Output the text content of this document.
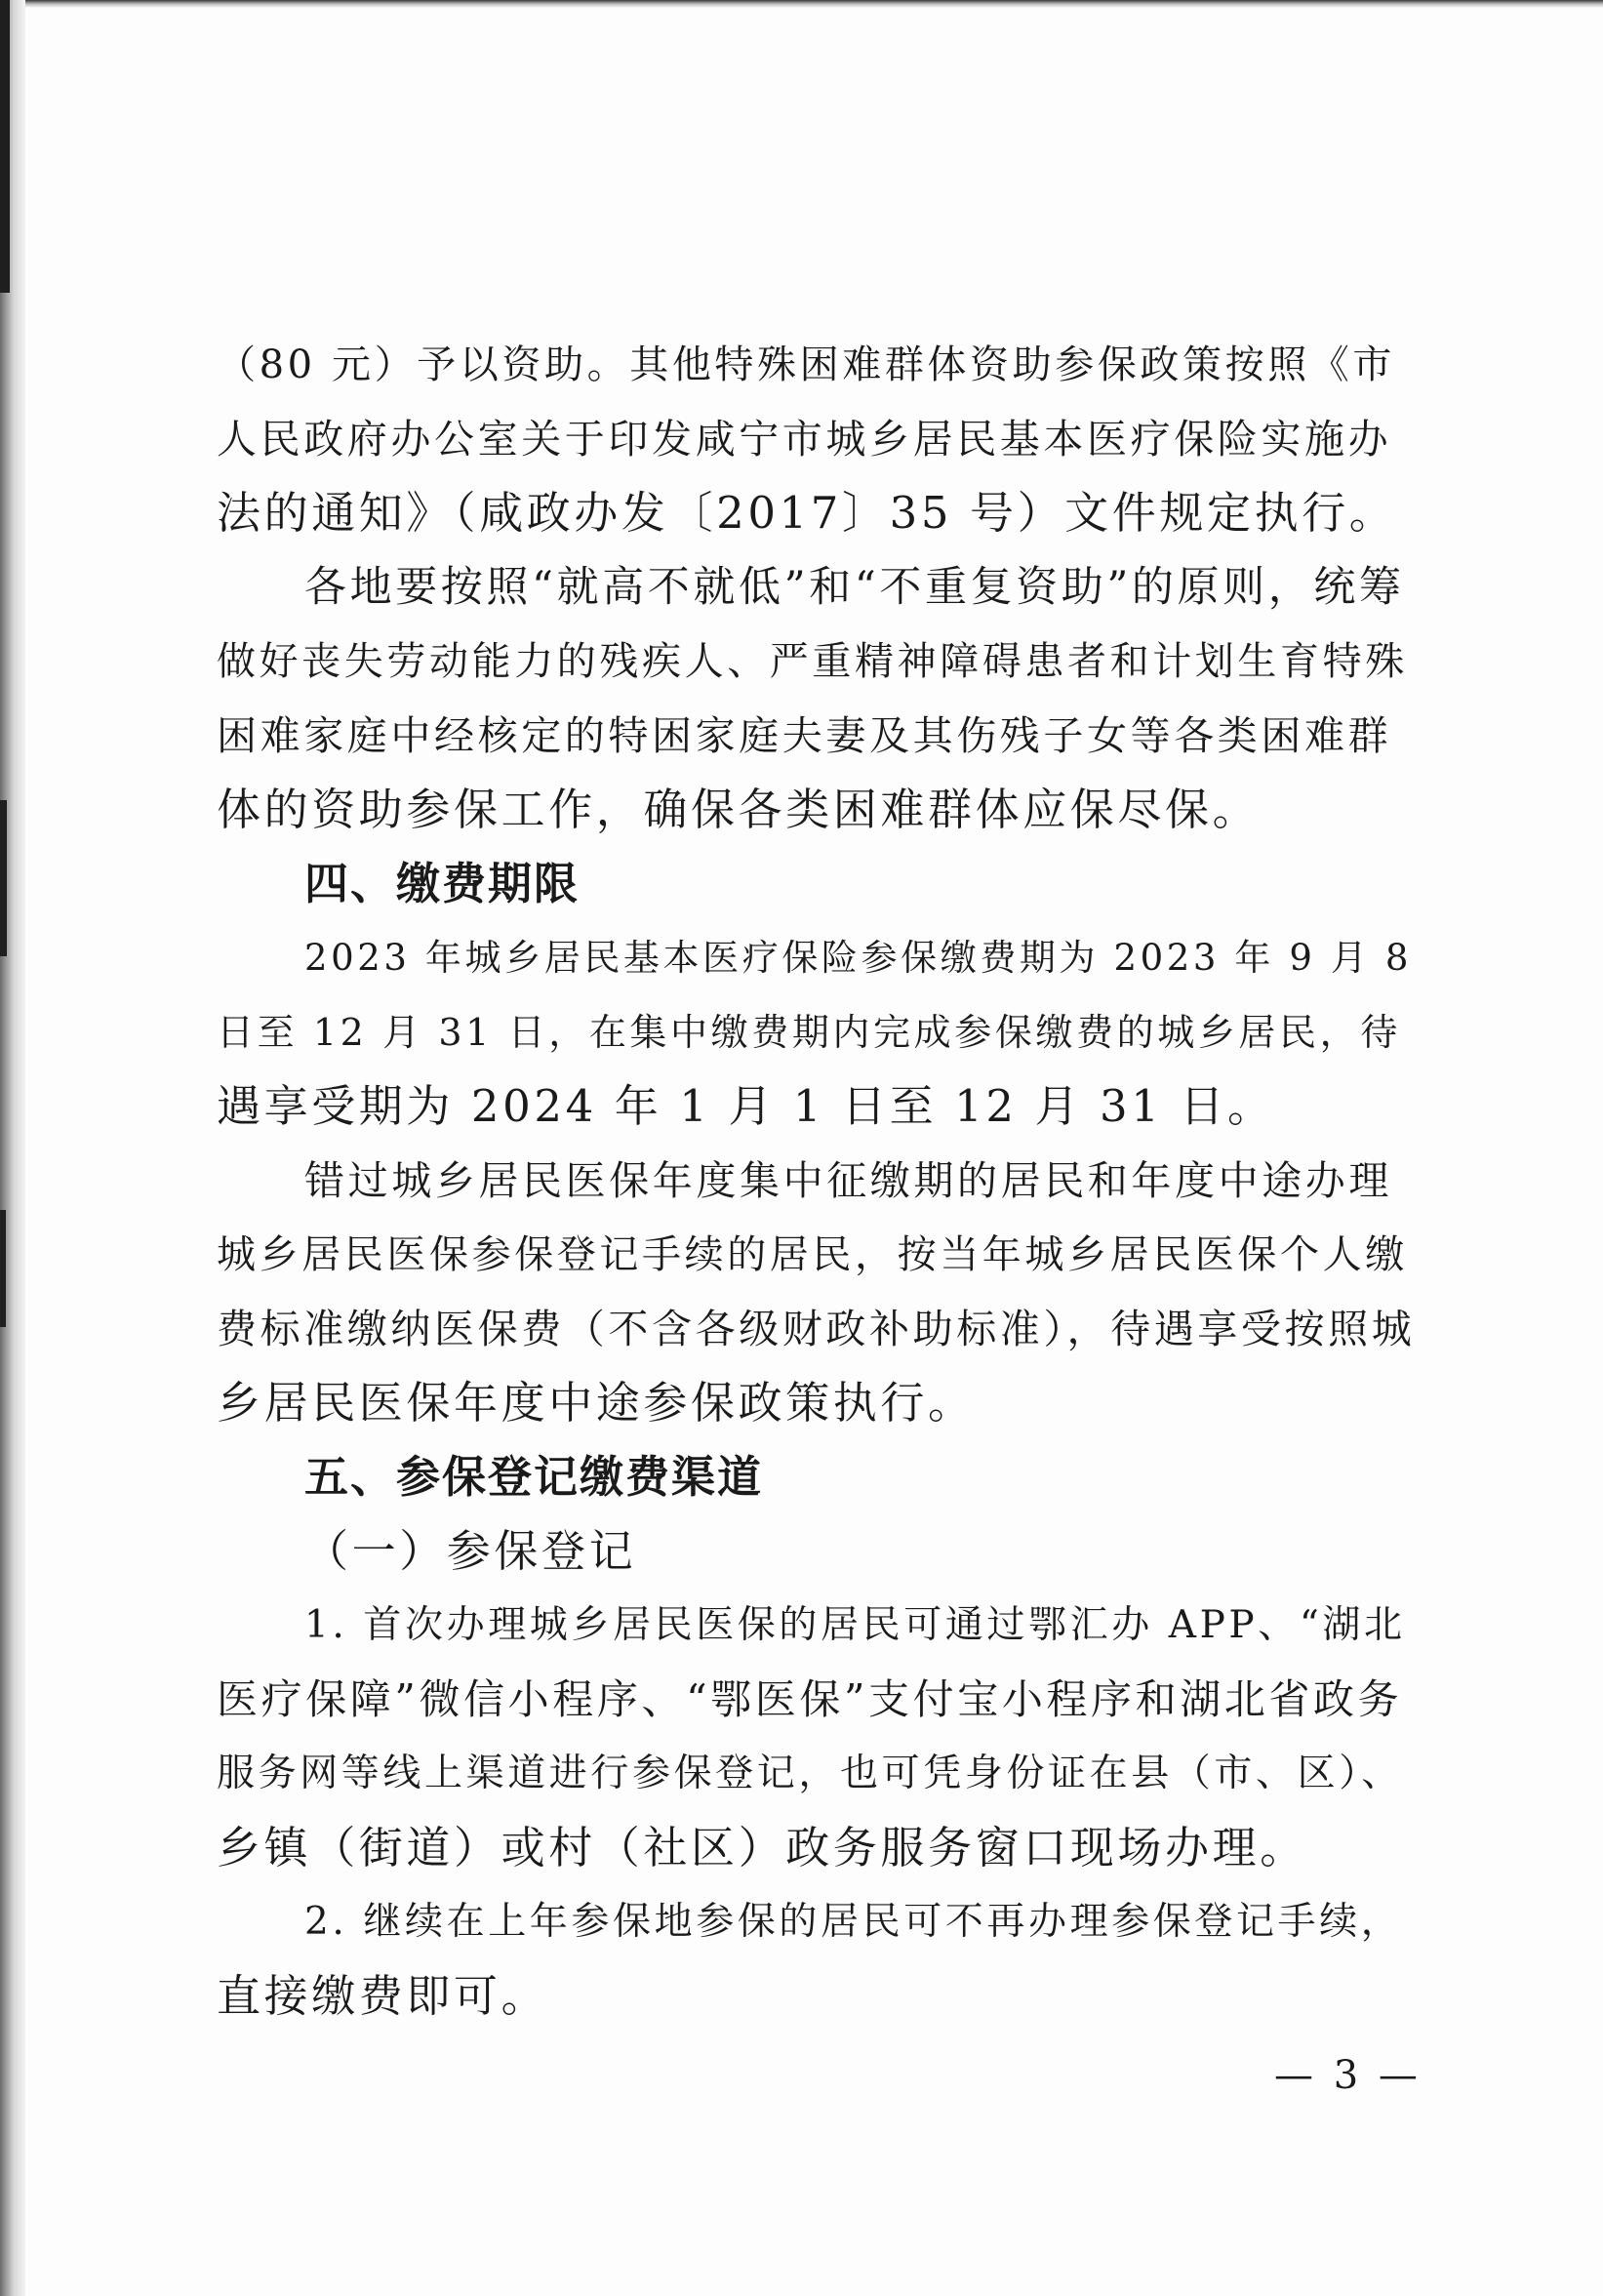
（80 元）予以资助。其他特殊困难群体资助参保政策按照《市
人民政府办公室关于印发咸宁市城乡居民基本医疗保险实施办
法的通知》（咸政办发〔2017〕35 号）文件规定执行。
各地要按照“就高不就低”和“不重复资助”的原则，统筹
做好丧失劳动能力的残疾人、严重精神障碍患者和计划生育特殊
困难家庭中经核定的特困家庭夫妻及其伤残子女等各类困难群
体的资助参保工作，确保各类困难群体应保尽保。
四、缴费期限
2023 年城乡居民基本医疗保险参保缴费期为 2023 年 9 月 8
日至 12 月 31 日，在集中缴费期内完成参保缴费的城乡居民，待
遇享受期为 2024 年 1 月 1 日至 12 月 31 日。
错过城乡居民医保年度集中征缴期的居民和年度中途办理
城乡居民医保参保登记手续的居民，按当年城乡居民医保个人缴
费标准缴纳医保费（不含各级财政补助标准），待遇享受按照城
乡居民医保年度中途参保政策执行。
五、参保登记缴费渠道
（一）参保登记
1. 首次办理城乡居民医保的居民可通过鄂汇办 APP、“湖北
医疗保障”微信小程序、“鄂医保”支付宝小程序和湖北省政务
服务网等线上渠道进行参保登记，也可凭身份证在县（市、区）、
乡镇（街道）或村（社区）政务服务窗口现场办理。
2. 继续在上年参保地参保的居民可不再办理参保登记手续，
直接缴费即可。
— 3 —
